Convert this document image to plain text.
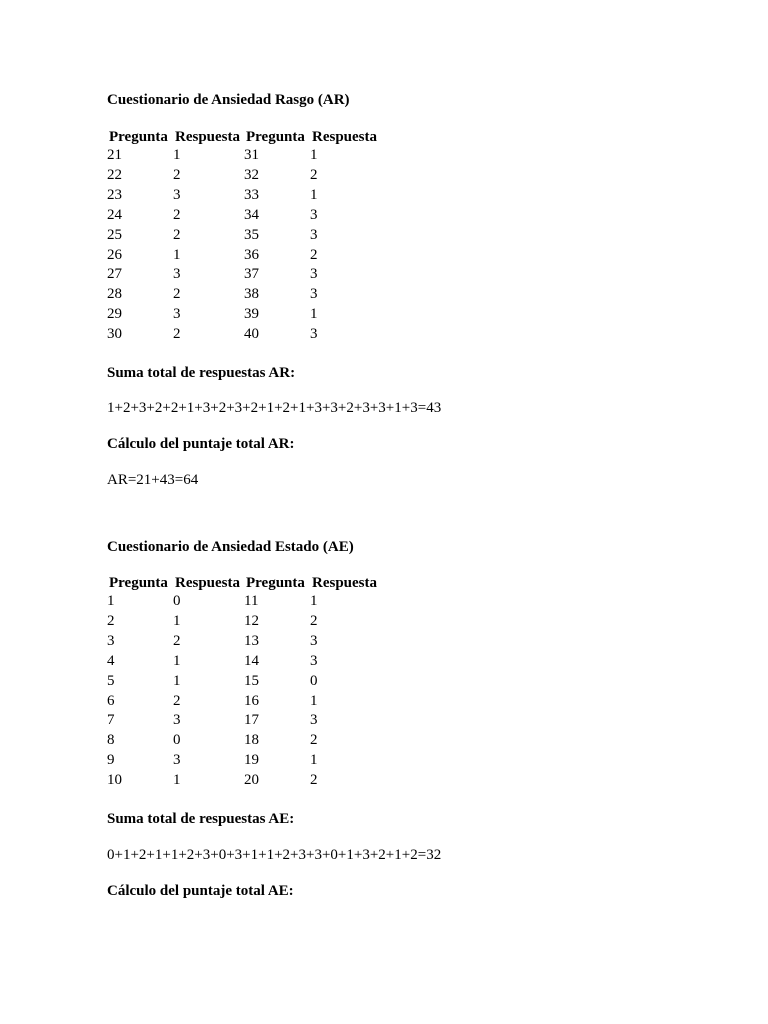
Cuestionario de Ansiedad Rasgo (AR)
Pregunta	Respuesta	Pregunta	Respuesta
21	1	31	1
22	2	32	2
23	3	33	1
24	2	34	3
25	2	35	3
26	1	36	2
27	3	37	3
28	2	38	3
29	3	39	1
30	2	40	3
Suma total de respuestas AR:
1+2+3+2+2+1+3+2+3+2+1+2+1+3+3+2+3+3+1+3=43
Cálculo del puntaje total AR:
AR=21+43=64
Cuestionario de Ansiedad Estado (AE)
Pregunta	Respuesta	Pregunta	Respuesta
1	0	11	1
2	1	12	2
3	2	13	3
4	1	14	3
5	1	15	0
6	2	16	1
7	3	17	3
8	0	18	2
9	3	19	1
10	1	20	2
Suma total de respuestas AE:
0+1+2+1+1+2+3+0+3+1+1+2+3+3+0+1+3+2+1+2=32
Cálculo del puntaje total AE:
